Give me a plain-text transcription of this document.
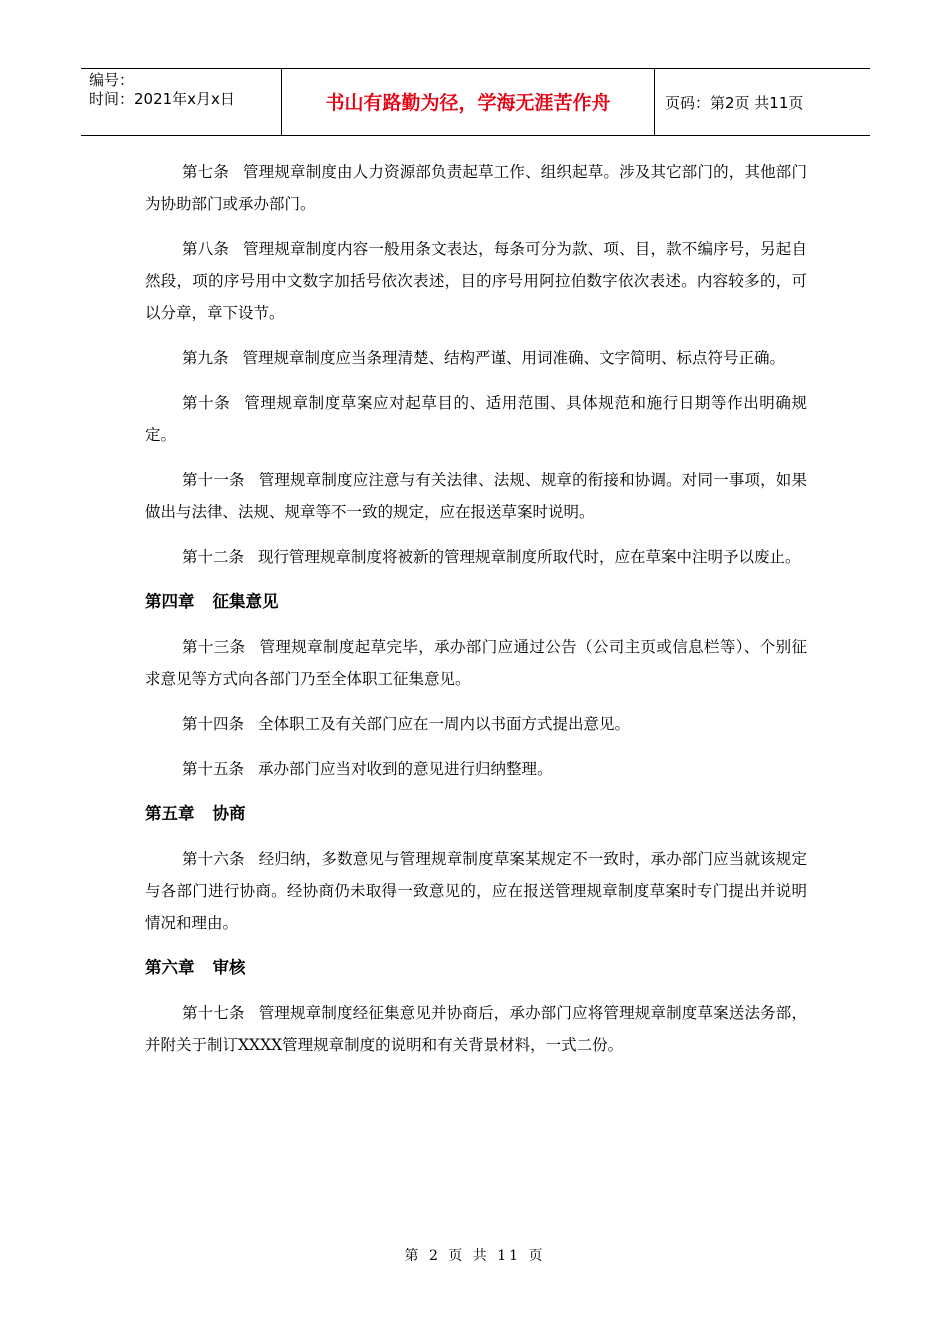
编号：
时间：2021年x月x日	书山有路勤为径，学海无涯苦作舟	页码：第2页 共11页

第七条 管理规章制度由人力资源部负责起草工作、组织起草。涉及其它部门的，其他部门为协助部门或承办部门。

第八条 管理规章制度内容一般用条文表达，每条可分为款、项、目，款不编序号，另起自然段，项的序号用中文数字加括号依次表述，目的序号用阿拉伯数字依次表述。内容较多的，可以分章，章下设节。

第九条 管理规章制度应当条理清楚、结构严谨、用词准确、文字简明、标点符号正确。

第十条 管理规章制度草案应对起草目的、适用范围、具体规范和施行日期等作出明确规定。

第十一条 管理规章制度应注意与有关法律、法规、规章的衔接和协调。对同一事项，如果做出与法律、法规、规章等不一致的规定，应在报送草案时说明。

第十二条 现行管理规章制度将被新的管理规章制度所取代时，应在草案中注明予以废止。

第四章 征集意见

第十三条 管理规章制度起草完毕，承办部门应通过公告（公司主页或信息栏等）、个别征求意见等方式向各部门乃至全体职工征集意见。

第十四条 全体职工及有关部门应在一周内以书面方式提出意见。

第十五条 承办部门应当对收到的意见进行归纳整理。

第五章 协商

第十六条 经归纳，多数意见与管理规章制度草案某规定不一致时，承办部门应当就该规定与各部门进行协商。经协商仍未取得一致意见的，应在报送管理规章制度草案时专门提出并说明情况和理由。

第六章 审核

第十七条 管理规章制度经征集意见并协商后，承办部门应将管理规章制度草案送法务部，并附关于制订XXXX管理规章制度的说明和有关背景材料，一式二份。

第 2 页 共 11 页
